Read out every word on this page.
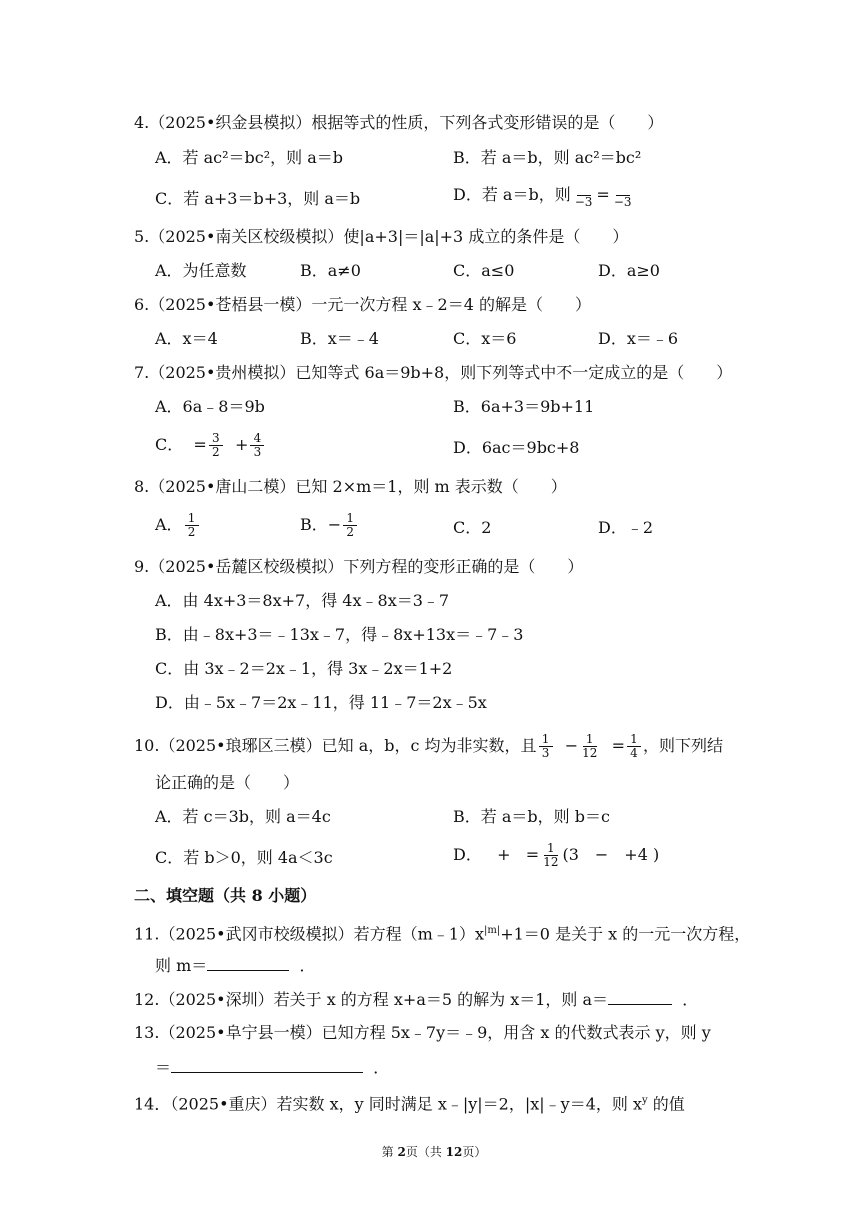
4.（2025•织金县模拟）根据等式的性质，下列各式变形错误的是（　　）
A．若 ac²＝bc²，则 a＝b	B．若 a＝b，则 ac²＝bc²
C．若 a+3＝b+3，则 a＝b	D．若 a＝b，则
−3 =
−3
5.（2025•南关区校级模拟）使|a+3|＝|a|+3 成立的条件是（　　）
A．为任意数	B．a≠0	C．a≤0	D．a≥0
6.（2025•苍梧县一模）一元一次方程 x﹣2＝4 的解是（　　）
A．x＝4	B．x＝﹣4	C．x＝6	D．x＝﹣6
7.（2025•贵州模拟）已知等式 6a＝9b+8，则下列等式中不一定成立的是（　　）
A．6a﹣8＝9b	B．6a+3＝9b+11
C． = $\frac{3}{2} + \frac{4}{3}$	D．6ac＝9bc+8
8.（2025•唐山二模）已知 2×m＝1，则 m 表示数（　　）
A． $\frac{1}{2}$	B．− $\frac{1}{2}$	C．2	D．﹣2
9.（2025•岳麓区校级模拟）下列方程的变形正确的是（　　）
A．由 4x+3＝8x+7，得 4x﹣8x＝3﹣7
B．由﹣8x+3＝﹣13x﹣7，得﹣8x+13x＝﹣7﹣3
C．由 3x﹣2＝2x﹣1，得 3x﹣2x＝1+2
D．由﹣5x﹣7＝2x﹣11，得 11﹣7＝2x﹣5x
10.（2025•琅琊区三模）已知 a，b，c 均为非实数，且 $\frac{1}{3} - \frac{1}{12} = \frac{1}{4}$ ，则下列结
论正确的是（　　）
A．若 c＝3b，则 a＝4c	B．若 a＝b，则 b＝c
C．若 b＞0，则 4a＜3c	D． + = $\frac{1}{12} (3$　−　+4 )
二、填空题（共 8 小题）
11.（2025•武冈市校级模拟）若方程$(m﹣1)x^{|m|}+1=0$ 是关于 x 的一元一次方程，
则 m＝	．
12.（2025•深圳）若关于 x 的方程 x+a＝5 的解为 x＝1，则 a＝	．
13.（2025•阜宁县一模）已知方程 5x﹣7y＝﹣9，用含 x 的代数式表示 y，则 y
＝	．
14．（2025•重庆）若实数 x，y 同时满足 x﹣|y|＝2，|x|﹣y＝4，则 $x^y$ 的值
第 2页（共 12页）
